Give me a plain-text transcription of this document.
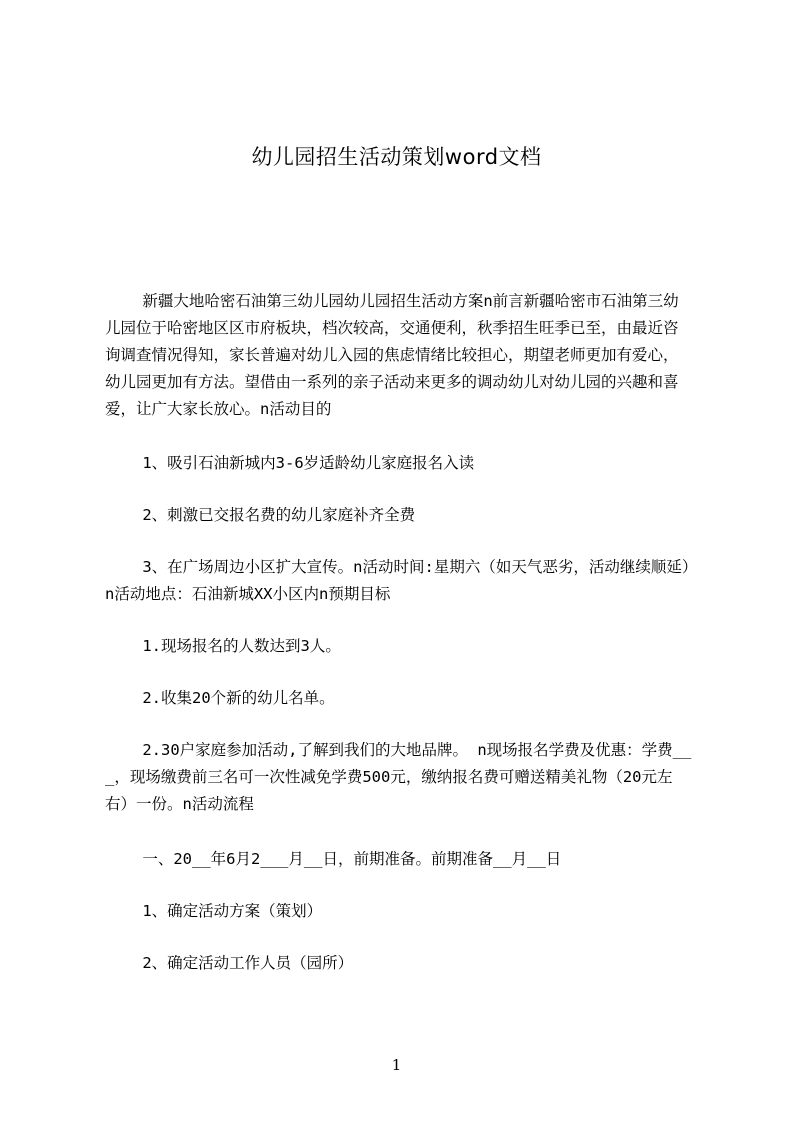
幼儿园招生活动策划word文档
新疆大地哈密石油第三幼儿园幼儿园招生活动方案n前言新疆哈密市石油第三幼
儿园位于哈密地区区市府板块，档次较高，交通便利，秋季招生旺季已至，由最近咨
询调查情况得知，家长普遍对幼儿入园的焦虑情绪比较担心，期望老师更加有爱心，
幼儿园更加有方法。望借由一系列的亲子活动来更多的调动幼儿对幼儿园的兴趣和喜
爱，让广大家长放心。n活动目的
1、吸引石油新城内3-6岁适龄幼儿家庭报名入读
2、刺激已交报名费的幼儿家庭补齐全费
3、在广场周边小区扩大宣传。n活动时间:星期六（如天气恶劣，活动继续顺延）
n活动地点：石油新城XX小区内n预期目标
1.现场报名的人数达到3人。
2.收集20个新的幼儿名单。
2.30户家庭参加活动,了解到我们的大地品牌。 n现场报名学费及优惠：学费__
_，现场缴费前三名可一次性减免学费500元，缴纳报名费可赠送精美礼物（20元左
右）一份。n活动流程
一、20__年6月2___月__日，前期准备。前期准备__月__日
1、确定活动方案（策划）
2、确定活动工作人员（园所）
1
